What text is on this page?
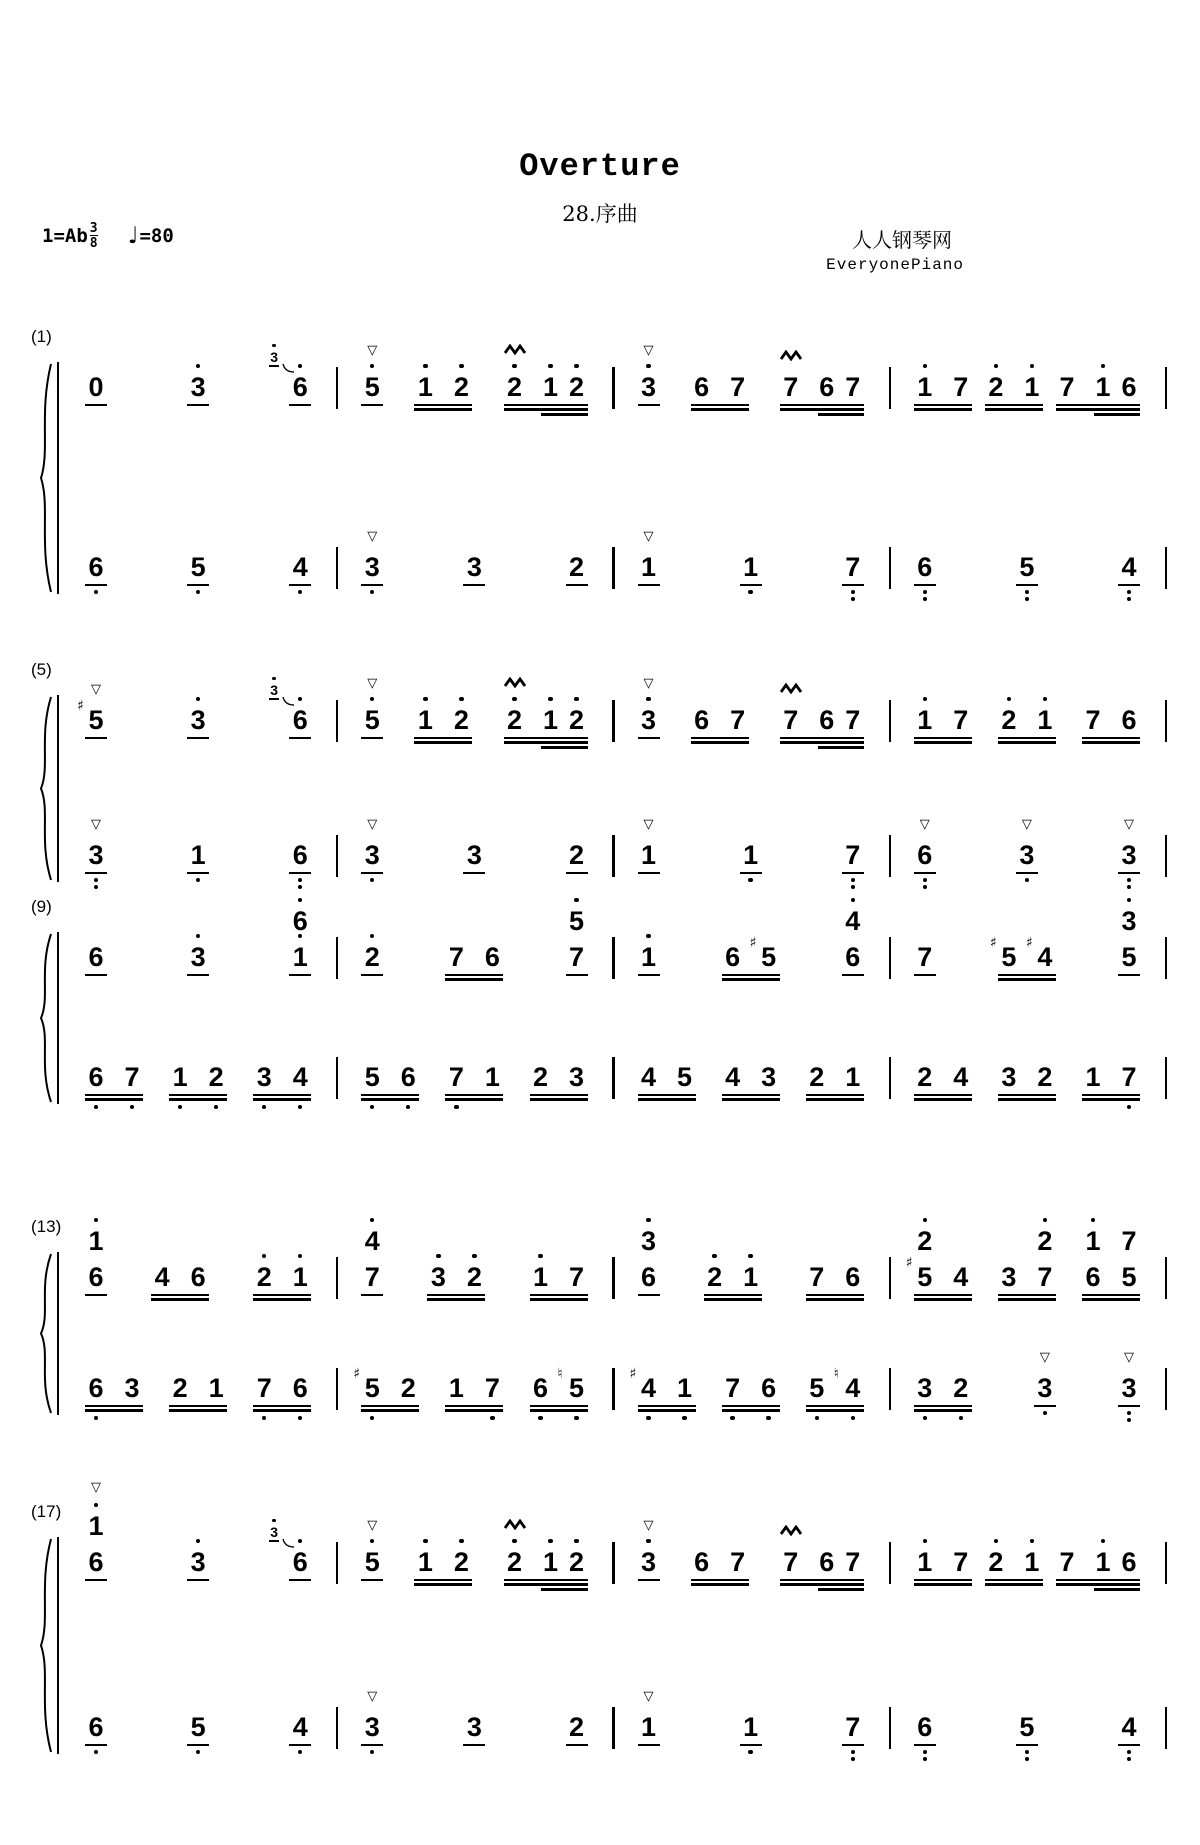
Overture
28.序曲
$1=Ab \frac{3}{8}$ ♩ =80	人人钢琴网
EveryonePiano
(1)
0	3	6
3
5
▽
1 2 2 1 2 3
▽
6 7 7 6 7 1 7 2 1 7 1 6
6	5	4 3
▽
3	2 1
▽
1	7 6	5	4
(5)
5
♯
▽
3	6
3
5
▽
1 2 2 1 2 3
▽
6 7 7 6 7 1 7 2 1 7 6
3
▽
1	6 3
▽
3	2 1
▽
1	7 6
▽
3
▽
3
▽
(9)
6	3	1
6
2	7 6	7
5
1	6 5
♯	6
4
7	5
♯ 4
♯	5
3
6 7 1 2 3 4 5 6 7 1 2 3 4 5 4 3 2 1 2 4 3 2 1 7
(13)
6
1
4 6 2 1 7
4
3 2 1 7 6
3
2 1 7 6 5
♯
2
4 3 7
2
6
1
5
7
6 3 2 1 7 6 5
♯ 2 1 7 6 5
♮	4
♯ 1 7 6 5 4
♮	3 2	3
▽
3
▽
(17)
6
1
▽
3	6
3
5
▽
1 2 2 1 2 3
▽
6 7 7 6 7 1 7 2 1 7 1 6
6	5	4 3
▽
3	2 1
▽
1	7 6	5	4
